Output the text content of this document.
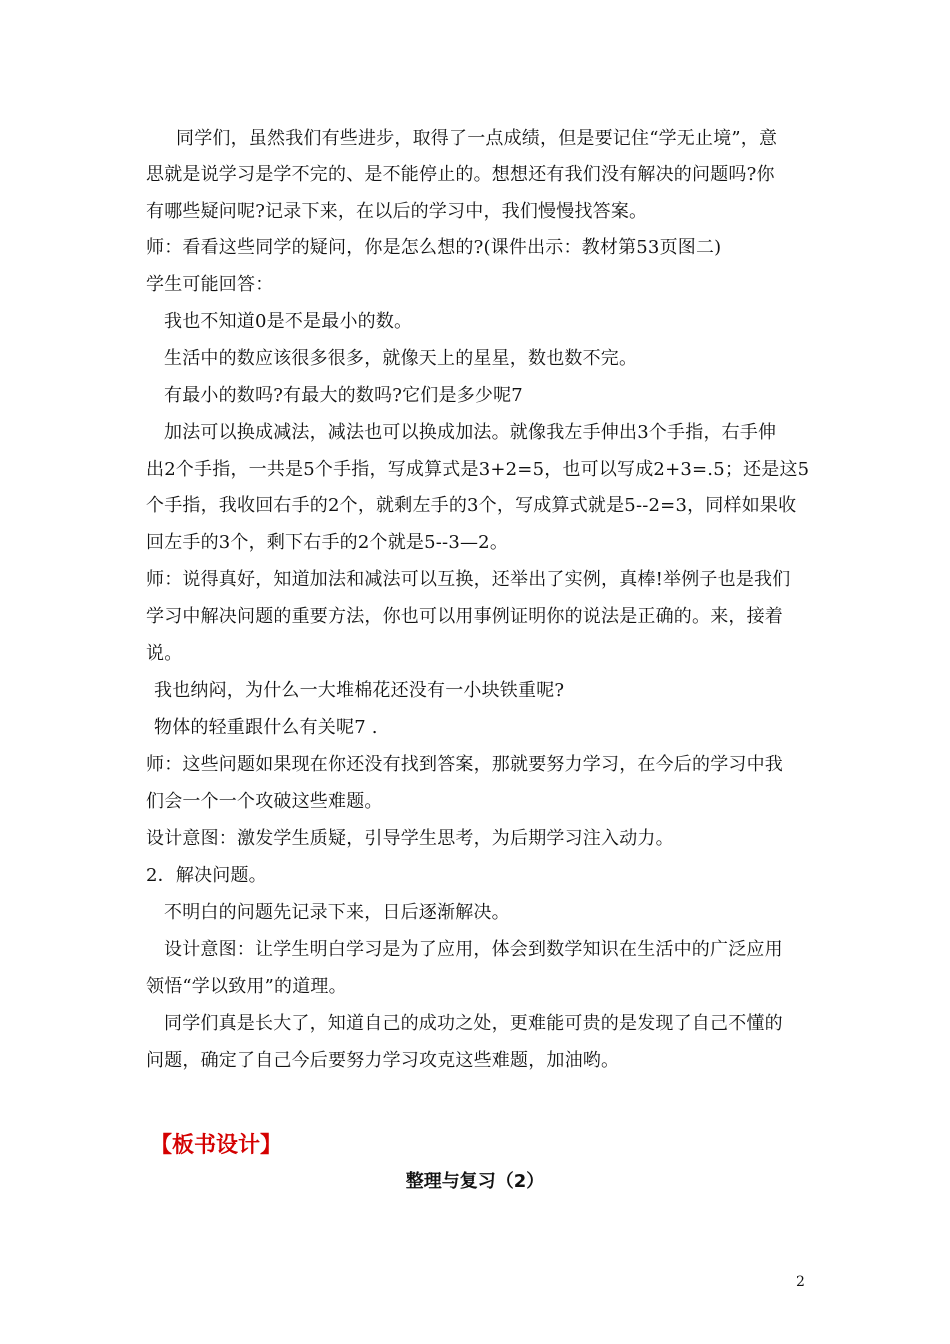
同学们，虽然我们有些进步，取得了一点成绩，但是要记住“学无止境”，意
思就是说学习是学不完的、是不能停止的。想想还有我们没有解决的问题吗?你
有哪些疑问呢?记录下来，在以后的学习中，我们慢慢找答案。
师：看看这些同学的疑问，你是怎么想的?(课件出示：教材第53页图二)
学生可能回答：
我也不知道0是不是最小的数。
生活中的数应该很多很多，就像天上的星星，数也数不完。
有最小的数吗?有最大的数吗?它们是多少呢7
加法可以换成减法，减法也可以换成加法。就像我左手伸出3个手指，右手伸
出2个手指，一共是5个手指，写成算式是3+2=5，也可以写成2+3=.5；还是这5
个手指，我收回右手的2个，就剩左手的3个，写成算式就是5--2=3，同样如果收
回左手的3个，剩下右手的2个就是5--3—2。
师：说得真好，知道加法和减法可以互换，还举出了实例，真棒!举例子也是我们
学习中解决问题的重要方法，你也可以用事例证明你的说法是正确的。来，接着
说。
我也纳闷，为什么一大堆棉花还没有一小块铁重呢?
物体的轻重跟什么有关呢7 .
师：这些问题如果现在你还没有找到答案，那就要努力学习，在今后的学习中我
们会一个一个攻破这些难题。
设计意图：激发学生质疑，引导学生思考，为后期学习注入动力。
2．解决问题。
不明白的问题先记录下来，日后逐渐解决。
设计意图：让学生明白学习是为了应用，体会到数学知识在生活中的广泛应用
领悟“学以致用”的道理。
同学们真是长大了，知道自己的成功之处，更难能可贵的是发现了自己不懂的
问题，确定了自己今后要努力学习攻克这些难题，加油哟。
【板书设计】
整理与复习（2）
2
